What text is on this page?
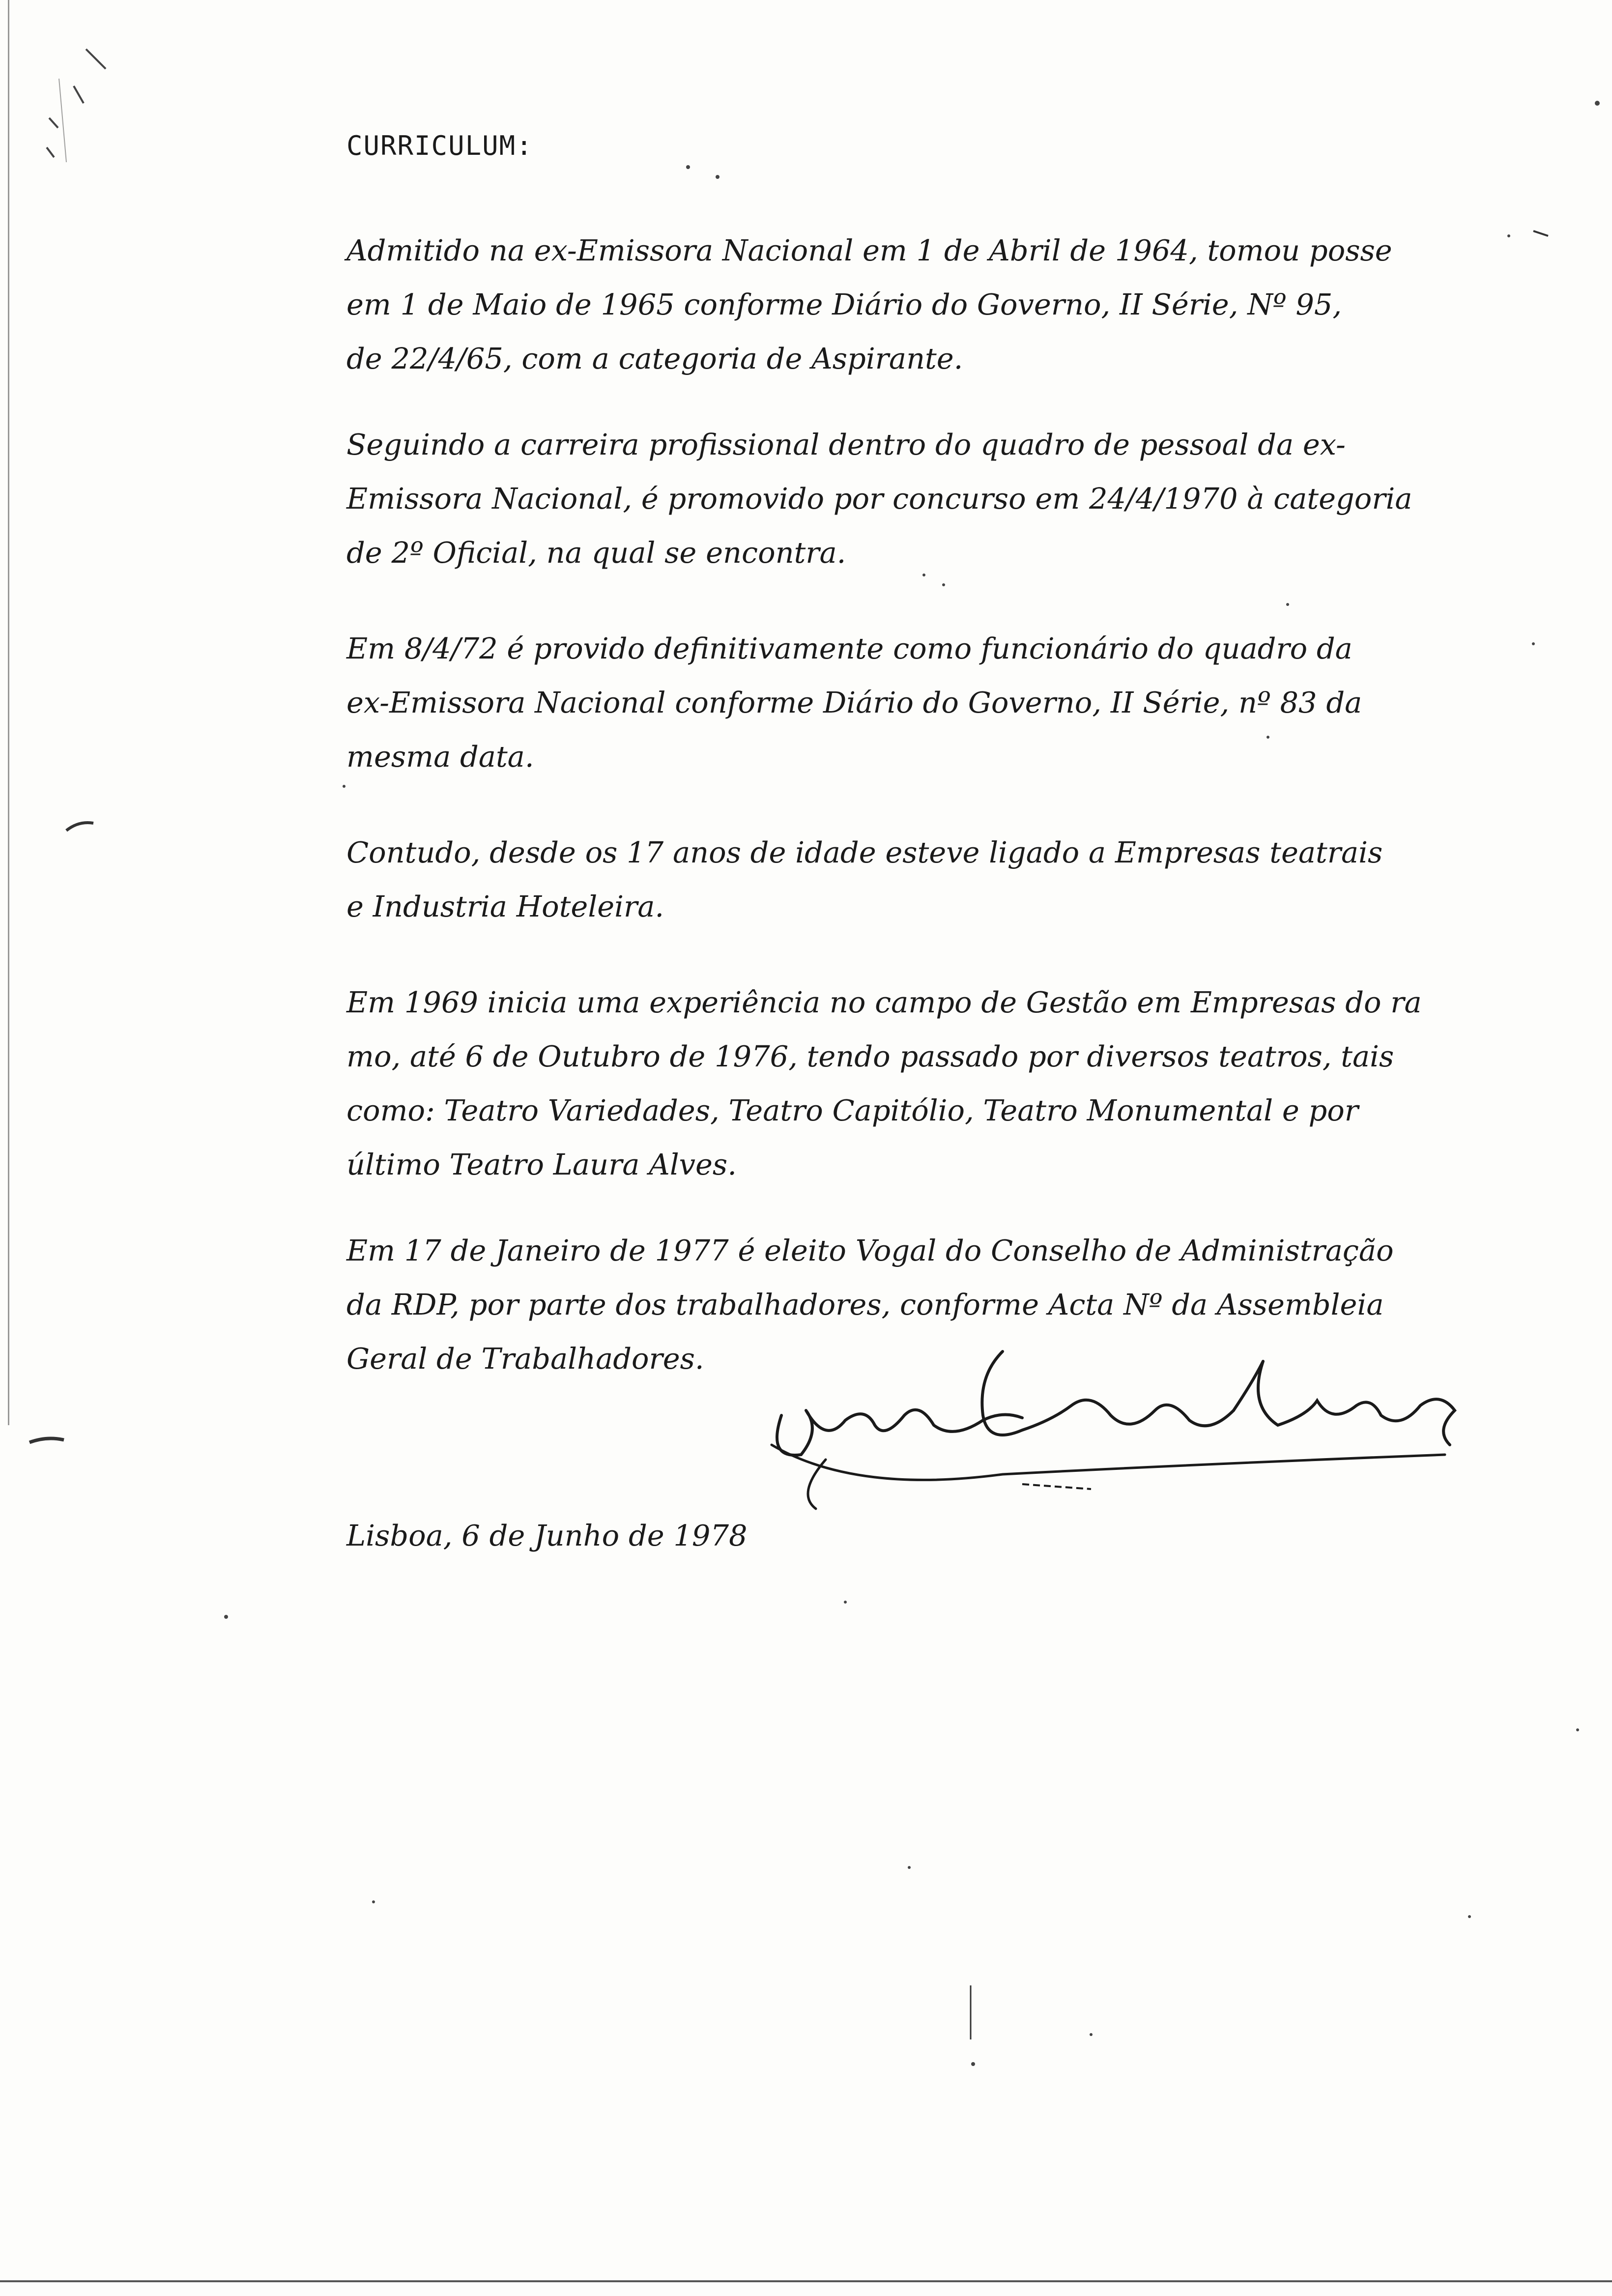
CURRICULUM:

Admitido na ex-Emissora Nacional em 1 de Abril de 1964, tomou posse
em 1 de Maio de 1965 conforme Diário do Governo, II Série, Nº 95,
de 22/4/65, com a categoria de Aspirante.

Seguindo a carreira profissional dentro do quadro de pessoal da ex-
Emissora Nacional, é promovido por concurso em 24/4/1970 à categoria
de 2º Oficial, na qual se encontra.

Em 8/4/72 é provido definitivamente como funcionário do quadro da
ex-Emissora Nacional conforme Diário do Governo, II Série, nº 83 da
mesma data.

Contudo, desde os 17 anos de idade esteve ligado a Empresas teatrais
e Industria Hoteleira.

Em 1969 inicia uma experiência no campo de Gestão em Empresas do ra
mo, até 6 de Outubro de 1976, tendo passado por diversos teatros, tais
como: Teatro Variedades, Teatro Capitólio, Teatro Monumental e por
último Teatro Laura Alves.

Em 17 de Janeiro de 1977 é eleito Vogal do Conselho de Administração
da RDP, por parte dos trabalhadores, conforme Acta Nº da Assembleia
Geral de Trabalhadores.

Lisboa, 6 de Junho de 1978
